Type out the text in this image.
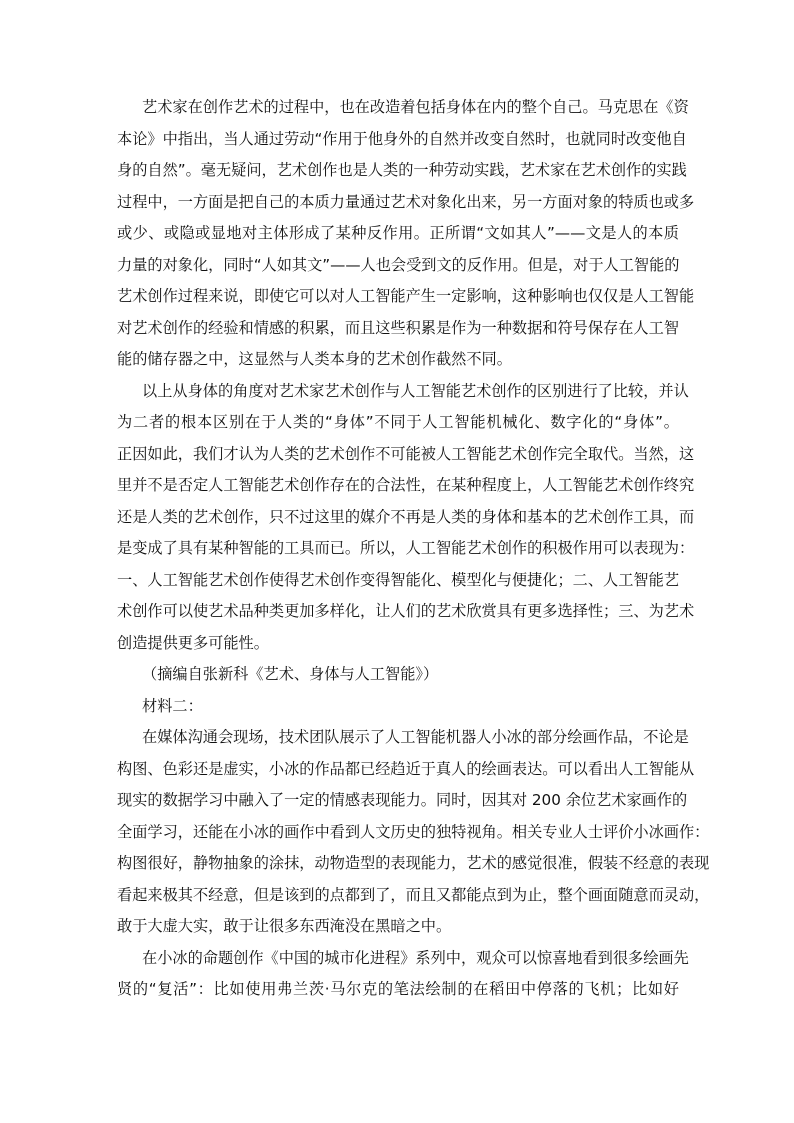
艺术家在创作艺术的过程中，也在改造着包括身体在内的整个自己。马克思在《资
本论》中指出，当人通过劳动“作用于他身外的自然并改变自然时，也就同时改变他自
身的自然”。毫无疑问，艺术创作也是人类的一种劳动实践，艺术家在艺术创作的实践
过程中，一方面是把自己的本质力量通过艺术对象化出来，另一方面对象的特质也或多
或少、或隐或显地对主体形成了某种反作用。正所谓“文如其人”——文是人的本质
力量的对象化，同时“人如其文”——人也会受到文的反作用。但是，对于人工智能的
艺术创作过程来说，即使它可以对人工智能产生一定影响，这种影响也仅仅是人工智能
对艺术创作的经验和情感的积累，而且这些积累是作为一种数据和符号保存在人工智
能的储存器之中，这显然与人类本身的艺术创作截然不同。
以上从身体的角度对艺术家艺术创作与人工智能艺术创作的区别进行了比较，并认
为二者的根本区别在于人类的“身体”不同于人工智能机械化、数字化的“身体”。
正因如此，我们才认为人类的艺术创作不可能被人工智能艺术创作完全取代。当然，这
里并不是否定人工智能艺术创作存在的合法性，在某种程度上，人工智能艺术创作终究
还是人类的艺术创作，只不过这里的媒介不再是人类的身体和基本的艺术创作工具，而
是变成了具有某种智能的工具而已。所以，人工智能艺术创作的积极作用可以表现为：
一、人工智能艺术创作使得艺术创作变得智能化、模型化与便捷化；二、人工智能艺
术创作可以使艺术品种类更加多样化，让人们的艺术欣赏具有更多选择性；三、为艺术
创造提供更多可能性。
（摘编自张新科《艺术、身体与人工智能》）
材料二：
在媒体沟通会现场，技术团队展示了人工智能机器人小冰的部分绘画作品，不论是
构图、色彩还是虚实，小冰的作品都已经趋近于真人的绘画表达。可以看出人工智能从
现实的数据学习中融入了一定的情感表现能力。同时，因其对 200 余位艺术家画作的
全面学习，还能在小冰的画作中看到人文历史的独特视角。相关专业人士评价小冰画作：
构图很好，静物抽象的涂抹，动物造型的表现能力，艺术的感觉很准，假装不经意的表现
看起来极其不经意，但是该到的点都到了，而且又都能点到为止，整个画面随意而灵动，
敢于大虚大实，敢于让很多东西淹没在黑暗之中。
在小冰的命题创作《中国的城市化进程》系列中，观众可以惊喜地看到很多绘画先
贤的“复活”：比如使用弗兰茨·马尔克的笔法绘制的在稻田中停落的飞机；比如好
